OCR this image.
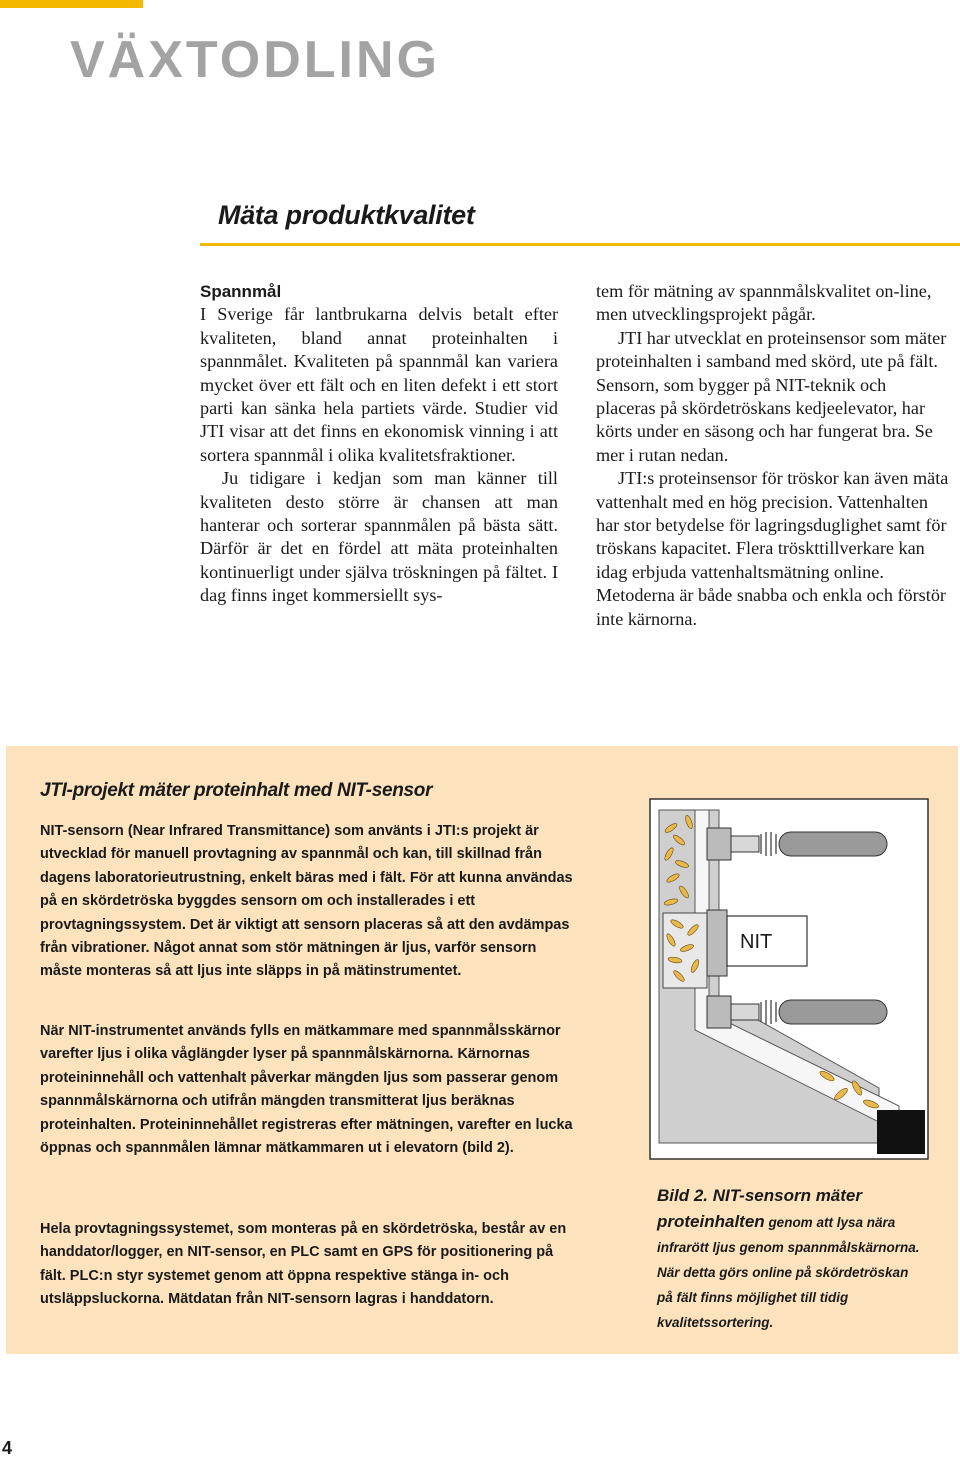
VÄXTODLING
Mäta produktkvalitet
Spannmål

I Sverige får lantbrukarna delvis betalt efter kvaliteten, bland annat proteinhalten i spannmålet. Kvaliteten på spannmål kan variera mycket över ett fält och en liten defekt i ett stort parti kan sänka hela partiets värde. Studier vid JTI visar att det finns en ekonomisk vinning i att sortera spannmål i olika kvalitetsfraktioner.

Ju tidigare i kedjan som man känner till kvaliteten desto större är chansen att man hanterar och sorterar spannmålen på bästa sätt. Därför är det en fördel att mäta proteinhalten kontinuerligt under själva tröskningen på fältet. I dag finns inget kommersiellt sys-

tem för mätning av spannmålskvalitet on-line, men utvecklingsprojekt pågår.

JTI har utvecklat en proteinsensor som mäter proteinhalten i samband med skörd, ute på fält. Sensorn, som bygger på NIT-teknik och placeras på skördetröskans kedjeelevator, har körts under en säsong och har fungerat bra. Se mer i rutan nedan.

JTI:s proteinsensor för tröskor kan även mäta vattenhalt med en hög precision. Vattenhalten har stor betydelse för lagringsduglighet samt för tröskans kapacitet. Flera tröskttillverkare kan idag erbjuda vattenhaltsmätning online. Metoderna är både snabba och enkla och förstör inte kärnorna.

JTI-projekt mäter proteinhalt med NIT-sensor

NIT-sensorn (Near Infrared Transmittance) som använts i JTI:s projekt är utvecklad för manuell provtagning av spannmål och kan, till skillnad från dagens laboratorieutrustning, enkelt bäras med i fält. För att kunna användas på en skördetröska byggdes sensorn om och installerades i ett provtagningssystem. Det är viktigt att sensorn placeras så att den avdämpas från vibrationer. Något annat som stör mätningen är ljus, varför sensorn måste monteras så att ljus inte släpps in på mätinstrumentet.

När NIT-instrumentet används fylls en mätkammare med spannmålsskärnor varefter ljus i olika våglängder lyser på spannmålskärnorna. Kärnornas proteininnehåll och vattenhalt påverkar mängden ljus som passerar genom spannmålskärnorna och utifrån mängden transmitterat ljus beräknas proteinhalten. Proteininnehållet registreras efter mätningen, varefter en lucka öppnas och spannmålen lämnar mätkammaren ut i elevatorn (bild 2).

Hela provtagningssystemet, som monteras på en skördetröska, består av en handdator/logger, en NIT-sensor, en PLC samt en GPS för positionering på fält. PLC:n styr systemet genom att öppna respektive stänga in- och utsläppsluckorna. Mätdatan från NIT-sensorn lagras i handdatorn.

NIT
Bild 2. NIT-sensorn mäter proteinhalten genom att lysa nära infrarött ljus genom spannmålskärnorna. När detta görs online på skördetröskan på fält finns möjlighet till tidig kvalitetssortering.
4
